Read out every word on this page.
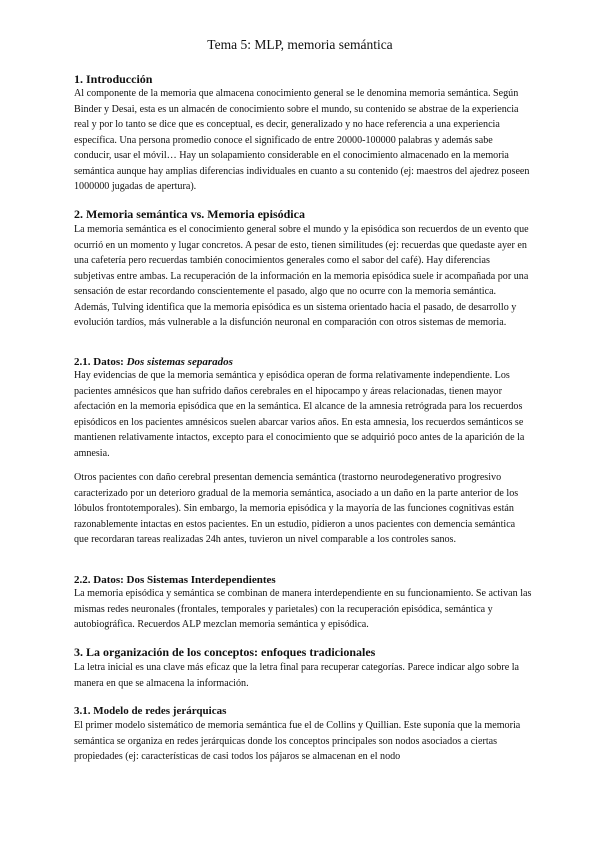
Tema 5: MLP, memoria semántica
1. Introducción

Al componente de la memoria que almacena conocimiento general se le denomina memoria semántica. Según Binder y Desai, esta es un almacén de conocimiento sobre el mundo, su contenido se abstrae de la experiencia real y por lo tanto se dice que es conceptual, es decir, generalizado y no hace referencia a una experiencia específica. Una persona promedio conoce el significado de entre 20000-100000 palabras y además sabe conducir, usar el móvil… Hay un solapamiento considerable en el conocimiento almacenado en la memoria semántica aunque hay amplias diferencias individuales en cuanto a su contenido (ej: maestros del ajedrez poseen 1000000 jugadas de apertura).

2. Memoria semántica vs. Memoria episódica

La memoria semántica es el conocimiento general sobre el mundo y la episódica son recuerdos de un evento que ocurrió en un momento y lugar concretos. A pesar de esto, tienen similitudes (ej: recuerdas que quedaste ayer en una cafetería pero recuerdas también conocimientos generales como el sabor del café). Hay diferencias subjetivas entre ambas. La recuperación de la información en la memoria episódica suele ir acompañada por una sensación de estar recordando conscientemente el pasado, algo que no ocurre con la memoria semántica. Además, Tulving identifica que la memoria episódica es un sistema orientado hacia el pasado, de desarrollo y evolución tardíos, más vulnerable a la disfunción neuronal en comparación con otros sistemas de memoria.

2.1. Datos: Dos sistemas separados

Hay evidencias de que la memoria semántica y episódica operan de forma relativamente independiente. Los pacientes amnésicos que han sufrido daños cerebrales en el hipocampo y áreas relacionadas, tienen mayor afectación en la memoria episódica que en la semántica. El alcance de la amnesia retrógrada para los recuerdos episódicos en los pacientes amnésicos suelen abarcar varios años. En esta amnesia, los recuerdos semánticos se mantienen relativamente intactos, excepto para el conocimiento que se adquirió poco antes de la aparición de la amnesia.

Otros pacientes con daño cerebral presentan demencia semántica (trastorno neurodegenerativo progresivo caracterizado por un deterioro gradual de la memoria semántica, asociado a un daño en la parte anterior de los lóbulos frontotemporales). Sin embargo, la memoria episódica y la mayoría de las funciones cognitivas están razonablemente intactas en estos pacientes. En un estudio, pidieron a unos pacientes con demencia semántica que recordaran tareas realizadas 24h antes, tuvieron un nivel comparable a los controles sanos.

2.2. Datos: Dos Sistemas Interdependientes

La memoria episódica y semántica se combinan de manera interdependiente en su funcionamiento. Se activan las mismas redes neuronales (frontales, temporales y parietales) con la recuperación episódica, semántica y autobiográfica. Recuerdos ALP mezclan memoria semántica y episódica.

3. La organización de los conceptos: enfoques tradicionales

La letra inicial es una clave más eficaz que la letra final para recuperar categorías. Parece indicar algo sobre la manera en que se almacena la información.

3.1. Modelo de redes jerárquicas

El primer modelo sistemático de memoria semántica fue el de Collins y Quillian. Este suponía que la memoria semántica se organiza en redes jerárquicas donde los conceptos principales son nodos asociados a ciertas propiedades (ej: características de casi todos los pájaros se almacenan en el nodo
